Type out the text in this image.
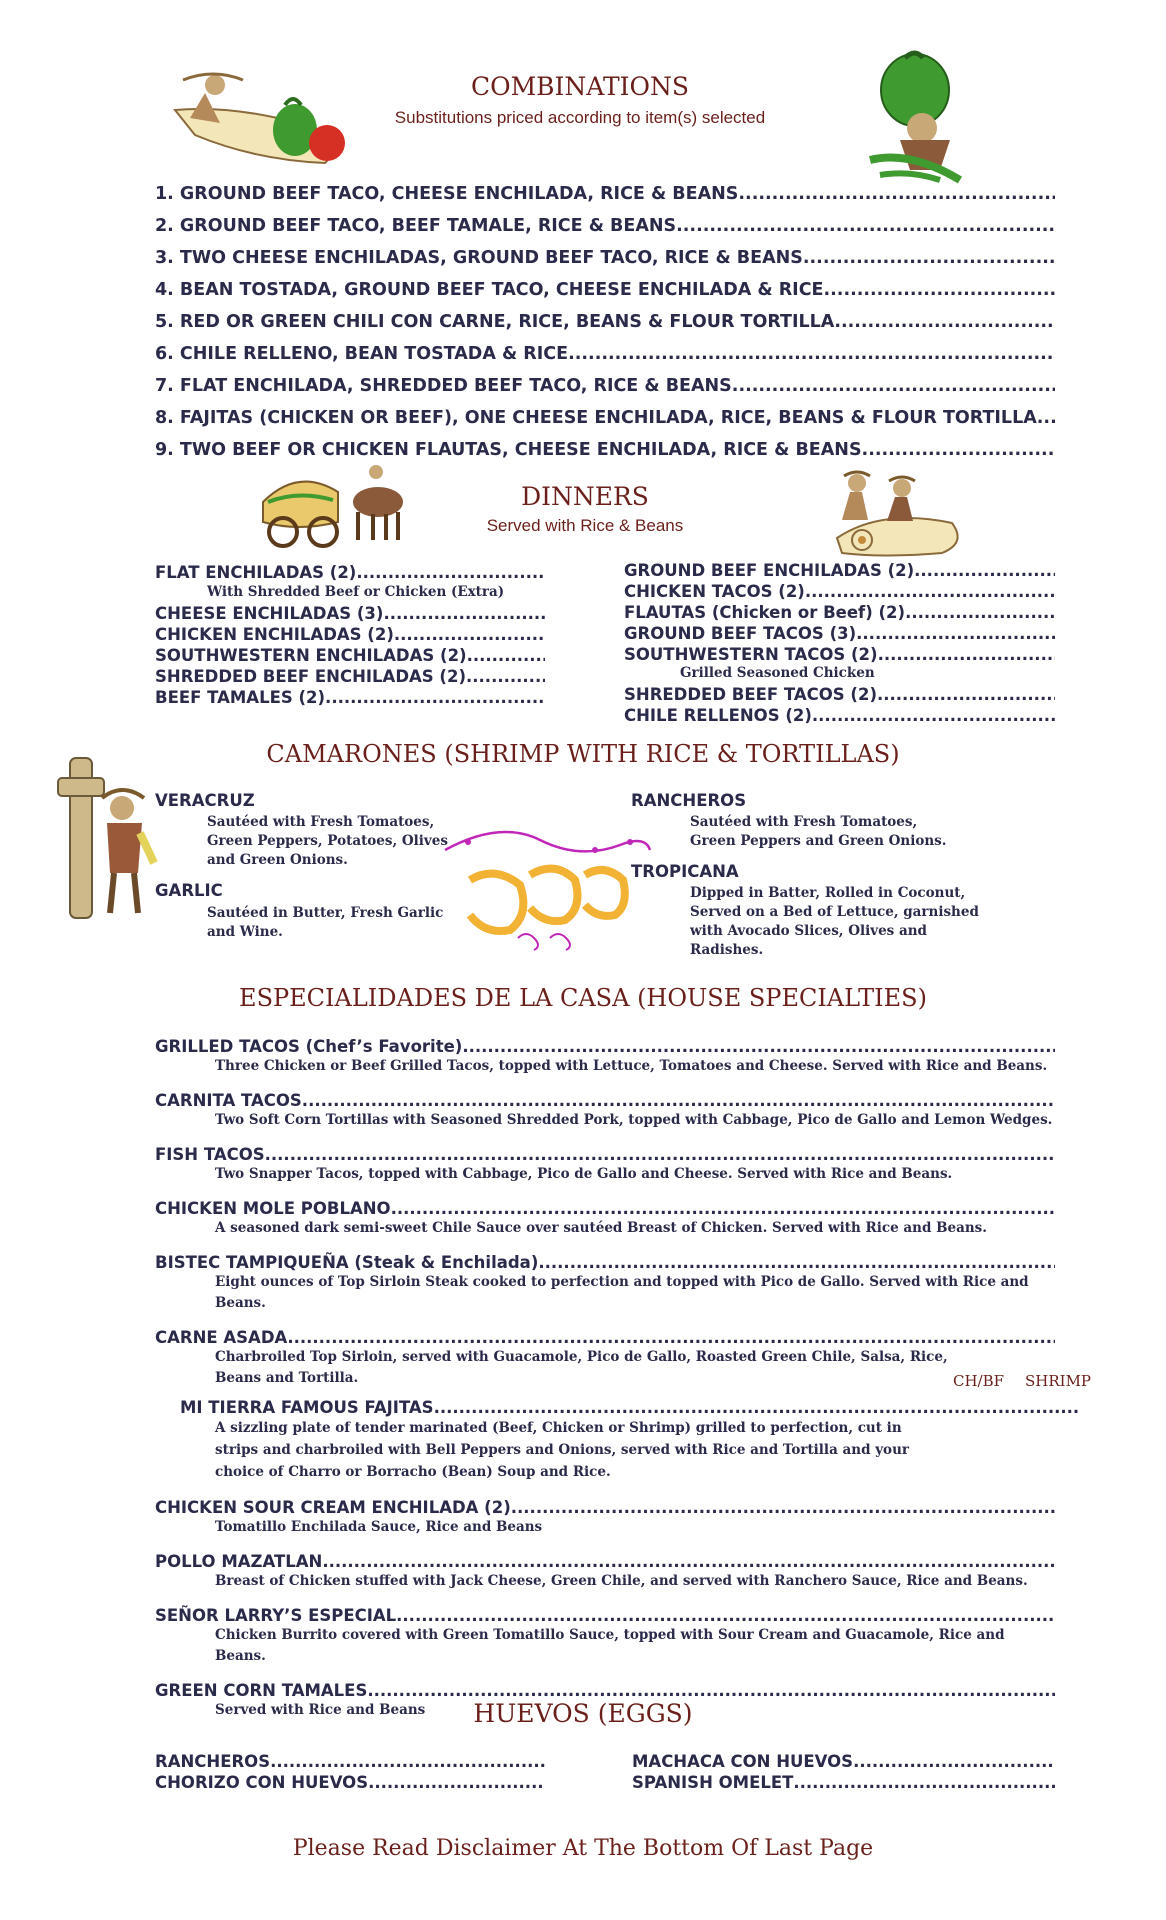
COMBINATIONS
Substitutions priced according to item(s) selected
1. GROUND BEEF TACO, CHEESE ENCHILADA, RICE & BEANS
.....
2. GROUND BEEF TACO, BEEF TAMALE, RICE & BEANS
.....
3. TWO CHEESE ENCHILADAS, GROUND BEEF TACO, RICE & BEANS
.....
4. BEAN TOSTADA, GROUND BEEF TACO, CHEESE ENCHILADA & RICE
.....
5. RED OR GREEN CHILI CON CARNE, RICE, BEANS & FLOUR TORTILLA
.....
6. CHILE RELLENO, BEAN TOSTADA & RICE
.....
7. FLAT ENCHILADA, SHREDDED BEEF TACO, RICE & BEANS
.....
8. FAJITAS (CHICKEN OR BEEF), ONE CHEESE ENCHILADA, RICE, BEANS & FLOUR TORTILLA
.....
9. TWO BEEF OR CHICKEN FLAUTAS, CHEESE ENCHILADA, RICE & BEANS
.....
DINNERS
Served with Rice & Beans
FLAT ENCHILADAS (2)
.....
With Shredded Beef or Chicken (Extra)
CHEESE ENCHILADAS (3)
.....
CHICKEN ENCHILADAS (2)
.....
SOUTHWESTERN ENCHILADAS (2)
.....
SHREDDED BEEF ENCHILADAS (2)
.....
BEEF TAMALES (2)
.....
GROUND BEEF ENCHILADAS (2)
.....
CHICKEN TACOS (2)
.....
FLAUTAS (Chicken or Beef) (2)
.....
GROUND BEEF TACOS (3)
.....
SOUTHWESTERN TACOS (2)
.....
Grilled Seasoned Chicken
SHREDDED BEEF TACOS (2)
.....
CHILE RELLENOS (2)
.....
CAMARONES (SHRIMP WITH RICE & TORTILLAS)
VERACRUZ
Sautéed with Fresh Tomatoes, Green Peppers, Potatoes, Olives and Green Onions.
GARLIC
Sautéed in Butter, Fresh Garlic and Wine.
RANCHEROS
Sautéed with Fresh Tomatoes, Green Peppers and Green Onions.
TROPICANA
Dipped in Batter, Rolled in Coconut, Served on a Bed of Lettuce, garnished with Avocado Slices, Olives and Radishes.
ESPECIALIDADES DE LA CASA (HOUSE SPECIALTIES)
GRILLED TACOS (Chef’s Favorite)
.....
Three Chicken or Beef Grilled Tacos, topped with Lettuce, Tomatoes and Cheese. Served with Rice and Beans.
CARNITA TACOS
.....
Two Soft Corn Tortillas with Seasoned Shredded Pork, topped with Cabbage, Pico de Gallo and Lemon Wedges.
FISH TACOS
.....
Two Snapper Tacos, topped with Cabbage, Pico de Gallo and Cheese. Served with Rice and Beans.
CHICKEN MOLE POBLANO
.....
A seasoned dark semi-sweet Chile Sauce over sautéed Breast of Chicken. Served with Rice and Beans.
BISTEC TAMPIQUEÑA (Steak & Enchilada)
.....
Eight ounces of Top Sirloin Steak cooked to perfection and topped with Pico de Gallo. Served with Rice and Beans.
CARNE ASADA
.....
Charbroiled Top Sirloin, served with Guacamole, Pico de Gallo, Roasted Green Chile, Salsa, Rice, Beans and Tortilla.	CH/BF SHRIMP
MI TIERRA FAMOUS FAJITAS
.....
A sizzling plate of tender marinated (Beef, Chicken or Shrimp) grilled to perfection, cut in strips and charbroiled with Bell Peppers and Onions, served with Rice and Tortilla and your choice of Charro or Borracho (Bean) Soup and Rice.
CHICKEN SOUR CREAM ENCHILADA (2)
.....
Tomatillo Enchilada Sauce, Rice and Beans
POLLO MAZATLAN
.....
Breast of Chicken stuffed with Jack Cheese, Green Chile, and served with Ranchero Sauce, Rice and Beans.
SEÑOR LARRY’S ESPECIAL
.....
Chicken Burrito covered with Green Tomatillo Sauce, topped with Sour Cream and Guacamole, Rice and Beans.
GREEN CORN TAMALES
.....
Served with Rice and Beans	HUEVOS (EGGS)
RANCHEROS
.....
CHORIZO CON HUEVOS
.....
MACHACA CON HUEVOS
.....
SPANISH OMELET
.....
Please Read Disclaimer At The Bottom Of Last Page
